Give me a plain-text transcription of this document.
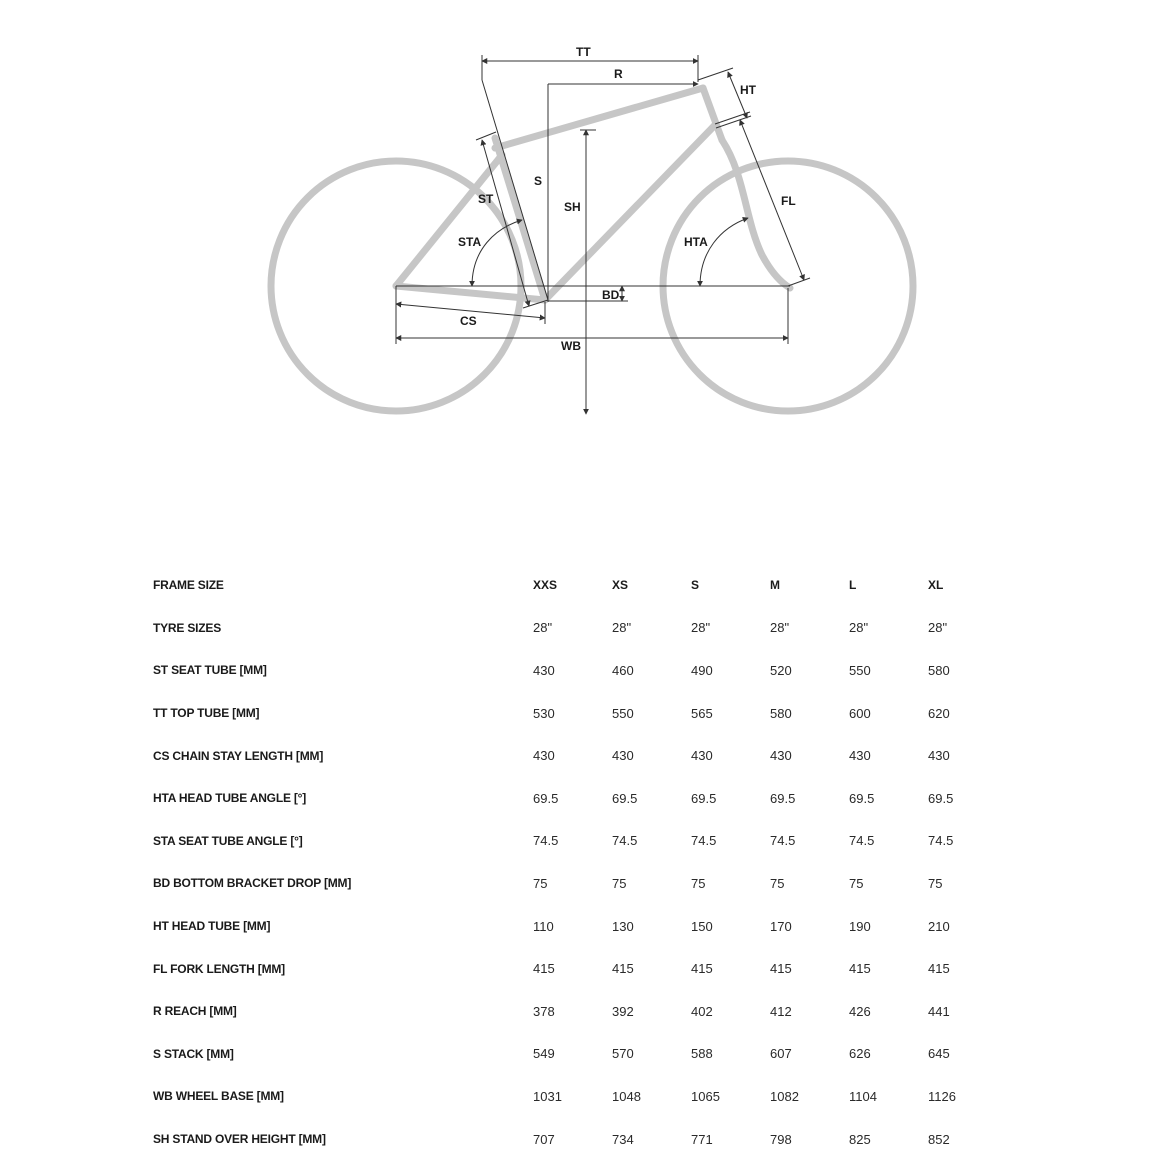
TT
R
S
SH
ST
STA
HT
FL
HTA
BD
CS
WB
FRAME SIZE	XXS	XS	S	M	L	XL
TYRE SIZES	28"	28"	28"	28"	28"	28"
ST SEAT TUBE [MM]	430	460	490	520	550	580
TT TOP TUBE [MM]	530	550	565	580	600	620
CS CHAIN STAY LENGTH [MM]	430	430	430	430	430	430
HTA HEAD TUBE ANGLE [°]	69.5	69.5	69.5	69.5	69.5	69.5
STA SEAT TUBE ANGLE [°]	74.5	74.5	74.5	74.5	74.5	74.5
BD BOTTOM BRACKET DROP [MM]	75	75	75	75	75	75
HT HEAD TUBE [MM]	110	130	150	170	190	210
FL FORK LENGTH [MM]	415	415	415	415	415	415
R REACH [MM]	378	392	402	412	426	441
S STACK [MM]	549	570	588	607	626	645
WB WHEEL BASE [MM]	1031	1048	1065	1082	1104	1126
SH STAND OVER HEIGHT [MM]	707	734	771	798	825	852
